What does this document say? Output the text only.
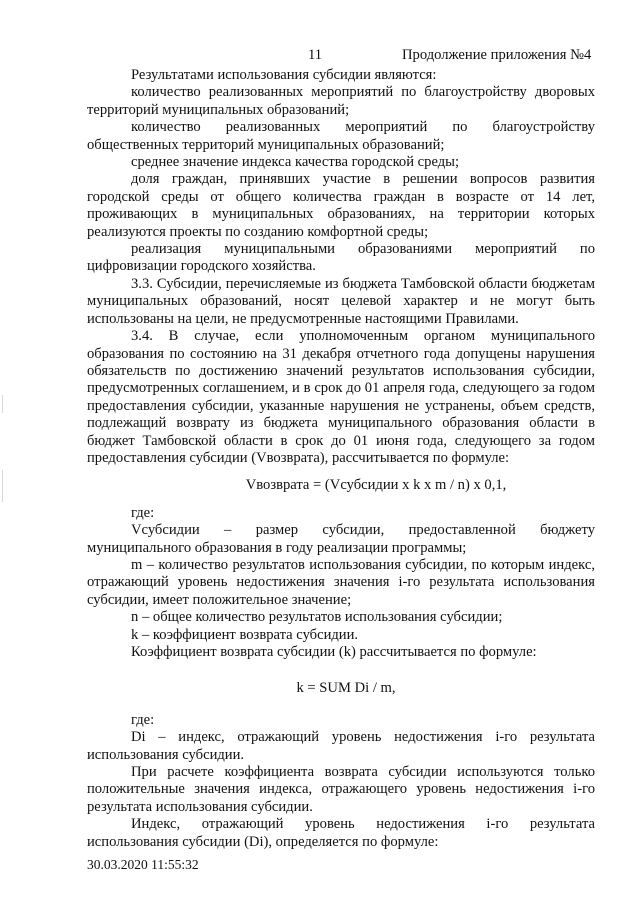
11	Продолжение приложения №4

Результатами использования субсидии являются:

количество реализованных мероприятий по благоустройству дворовых территорий муниципальных образований;

количество реализованных мероприятий по благоустройству общественных территорий муниципальных образований;

среднее значение индекса качества городской среды;

доля граждан, принявших участие в решении вопросов развития городской среды от общего количества граждан в возрасте от 14 лет, проживающих в муниципальных образованиях, на территории которых реализуются проекты по созданию комфортной среды;

реализация муниципальными образованиями мероприятий по цифровизации городского хозяйства.

3.3. Субсидии, перечисляемые из бюджета Тамбовской области бюджетам муниципальных образований, носят целевой характер и не могут быть использованы на цели, не предусмотренные настоящими Правилами.

3.4. В случае, если уполномоченным органом муниципального образования по состоянию на 31 декабря отчетного года допущены нарушения обязательств по достижению значений результатов использования субсидии, предусмотренных соглашением, и в срок до 01 апреля года, следующего за годом предоставления субсидии, указанные нарушения не устранены, объем средств, подлежащий возврату из бюджета муниципального образования области в бюджет Тамбовской области в срок до 01 июня года, следующего за годом предоставления субсидии (Vвозврата), рассчитывается по формуле:

Vвозврата = (Vсубсидии x k x m / n) x 0,1,

где:

Vсубсидии – размер субсидии, предоставленной бюджету муниципального образования в году реализации программы;

m – количество результатов использования субсидии, по которым индекс, отражающий уровень недостижения значения i-го результата использования субсидии, имеет положительное значение;

n – общее количество результатов использования субсидии;

k – коэффициент возврата субсидии.

Коэффициент возврата субсидии (k) рассчитывается по формуле:

k = SUM Di / m,

где:

Di – индекс, отражающий уровень недостижения i-го результата использования субсидии.

При расчете коэффициента возврата субсидии используются только положительные значения индекса, отражающего уровень недостижения i-го результата использования субсидии.

Индекс, отражающий уровень недостижения i-го результата использования субсидии (Di), определяется по формуле:

30.03.2020 11:55:32
